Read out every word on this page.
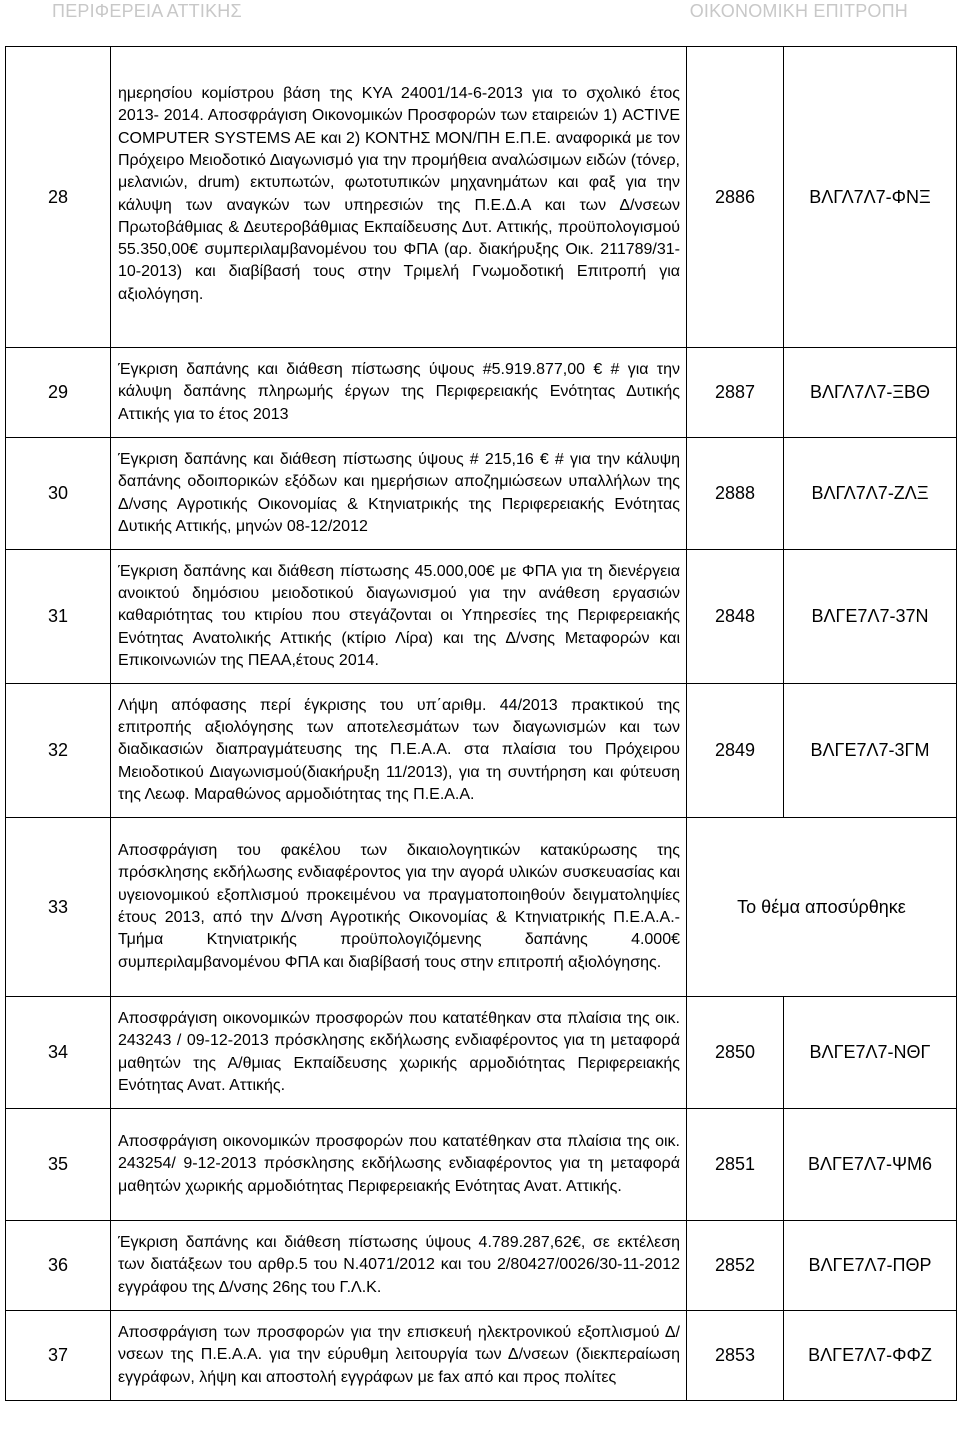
ΠΕΡΙΦΕΡΕΙΑ ΑΤΤΙΚΗΣ	ΟΙΚΟΝΟΜΙΚΗ ΕΠΙΤΡΟΠΗ
28	ημερησίου κομίστρου βάση της ΚΥΑ 24001/14-6-2013 για το σχολικό έτος 2013- 2014. Αποσφράγιση Οικονομικών Προσφορών των εταιρειών 1) ACTIVE COMPUTER SYSTEMS AE και 2) ΚΟΝΤΗΣ ΜΟΝ/ΠΗ Ε.Π.Ε. αναφορικά με τον Πρόχειρο Μειοδοτικό Διαγωνισμό για την προμήθεια αναλώσιμων ειδών (τόνερ, μελανιών, drum) εκτυπωτών, φωτοτυπικών μηχανημάτων και φαξ για την κάλυψη των αναγκών των υπηρεσιών της Π.Ε.Δ.Α και των Δ/νσεων Πρωτοβάθμιας & Δευτεροβάθμιας Εκπαίδευσης Δυτ. Αττικής, προϋπολογισμού 55.350,00€ συμπεριλαμβανομένου του ΦΠΑ (αρ. διακήρυξης Οικ. 211789/31-10-2013) και διαβίβασή τους στην Τριμελή Γνωμοδοτική Επιτροπή για αξιολόγηση.	2886	ΒΛΓΛ7Λ7-ΦΝΞ
29	Έγκριση δαπάνης και διάθεση πίστωσης ύψους #5.919.877,00 € # για την κάλυψη δαπάνης πληρωμής έργων της Περιφερειακής Ενότητας Δυτικής Αττικής για το έτος 2013	2887	ΒΛΓΛ7Λ7-ΞΒΘ
30	Έγκριση δαπάνης και διάθεση πίστωσης ύψους # 215,16 € # για την κάλυψη δαπάνης οδοιπορικών εξόδων και ημερήσιων αποζημιώσεων υπαλλήλων της Δ/νσης Αγροτικής Οικονομίας & Κτηνιατρικής της Περιφερειακής Ενότητας Δυτικής Αττικής, μηνών 08-12/2012	2888	ΒΛΓΛ7Λ7-ΖΛΞ
31	Έγκριση δαπάνης και διάθεση πίστωσης 45.000,00€ με ΦΠΑ για τη διενέργεια ανοικτού δημόσιου μειοδοτικού διαγωνισμού για την ανάθεση εργασιών καθαριότητας του κτιρίου που στεγάζονται οι Υπηρεσίες της Περιφερειακής Ενότητας Ανατολικής Αττικής (κτίριο Λίρα) και της Δ/νσης Μεταφορών και Επικοινωνιών της ΠΕΑΑ,έτους 2014.	2848	ΒΛΓΕ7Λ7-37Ν
32	Λήψη απόφασης περί έγκρισης του υπ΄αριθμ. 44/2013 πρακτικού της επιτροπής αξιολόγησης των αποτελεσμάτων των διαγωνισμών και των διαδικασιών διαπραγμάτευσης της Π.Ε.Α.Α. στα πλαίσια του Πρόχειρου Μειοδοτικού Διαγωνισμού(διακήρυξη 11/2013), για τη συντήρηση και φύτευση της Λεωφ. Μαραθώνος αρμοδιότητας της Π.Ε.Α.Α.	2849	ΒΛΓΕ7Λ7-3ΓΜ
33	Αποσφράγιση του φακέλου των δικαιολογητικών κατακύρωσης της πρόσκλησης εκδήλωσης ενδιαφέροντος για την αγορά υλικών συσκευασίας και υγειονομικού εξοπλισμού προκειμένου να πραγματοποιηθούν δειγματοληψίες έτους 2013, από την Δ/νση Αγροτικής Οικονομίας & Κτηνιατρικής Π.Ε.Α.Α.-Τμήμα Κτηνιατρικής προϋπολογιζόμενης δαπάνης 4.000€ συμπεριλαμβανομένου ΦΠΑ και διαβίβασή τους στην επιτροπή αξιολόγησης.	Το θέμα αποσύρθηκε	
34	Αποσφράγιση οικονομικών προσφορών που κατατέθηκαν στα πλαίσια της οικ. 243243 / 09-12-2013 πρόσκλησης εκδήλωσης ενδιαφέροντος για τη μεταφορά μαθητών της Α/θμιας Εκπαίδευσης χωρικής αρμοδιότητας Περιφερειακής Ενότητας Ανατ. Αττικής.	2850	ΒΛΓΕ7Λ7-ΝΘΓ
35	Αποσφράγιση οικονομικών προσφορών που κατατέθηκαν στα πλαίσια της οικ. 243254/ 9-12-2013 πρόσκλησης εκδήλωσης ενδιαφέροντος για τη μεταφορά μαθητών χωρικής αρμοδιότητας Περιφερειακής Ενότητας Ανατ. Αττικής.	2851	ΒΛΓΕ7Λ7-ΨΜ6
36	Έγκριση δαπάνης και διάθεση πίστωσης ύψους 4.789.287,62€, σε εκτέλεση των διατάξεων του αρθρ.5 του Ν.4071/2012 και του 2/80427/0026/30-11-2012 εγγράφου της Δ/νσης 26ης του Γ.Λ.Κ.	2852	ΒΛΓΕ7Λ7-ΠΘΡ
37	Αποσφράγιση των προσφορών για την επισκευή ηλεκτρονικού εξοπλισμού Δ/νσεων της Π.Ε.Α.Α. για την εύρυθμη λειτουργία των Δ/νσεων (διεκπεραίωση εγγράφων, λήψη και αποστολή εγγράφων με fax από και προς πολίτες	2853	ΒΛΓΕ7Λ7-ΦΦΖ
